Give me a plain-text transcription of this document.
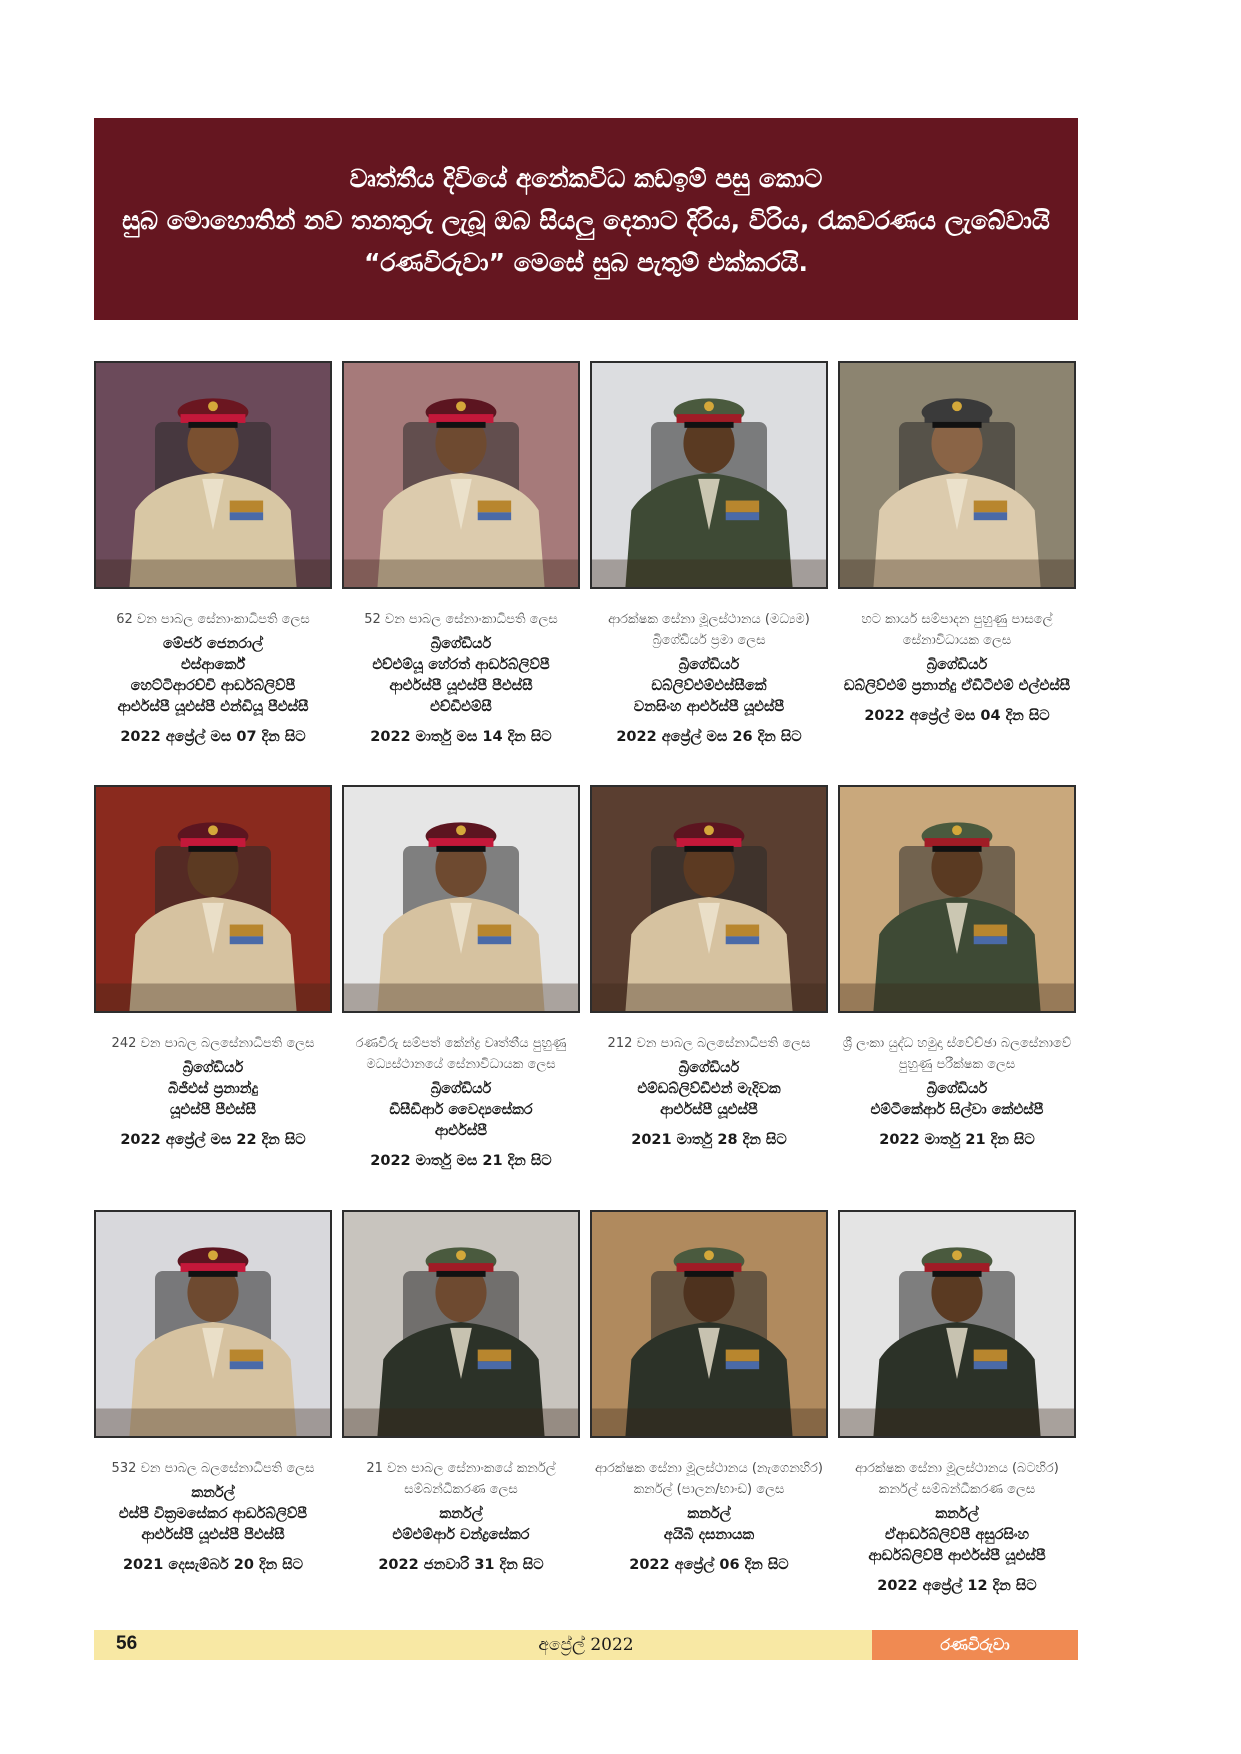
වෘත්තීය දිවියේ අනේකවිධ කඩඉම් පසු කොට
සුබ මොහොතින් නව තනතුරු ලැබූ ඔබ සියලු දෙනාට දිරිය, විරිය, රැකවරණය ලැබේවායි
“රණවිරුවා” මෙසේ සුබ පැතුම් එක්කරයි.
62 වන පාබල සේනාංකාධිපති ලෙස
මේජර් ජෙනරාල්
එස්ආර්කේ
හෙට්ටිආරච්චි ආර්ඩබ්ලිව්පී
ආර්එස්පී යූඑස්පී එන්ඩියූ පීඑස්සී
2022 අප්‍රේල් මස 07 දින සිට
52 වන පාබල සේනාංකාධිපති ලෙස
බ්‍රිගේඩියර්
එච්එම්යූ හේරත් ආර්ඩබ්ලිව්පී
ආර්එස්පී යූඑස්පී පීඑස්සී
එච්ඩීඑම්සී
2022 මාර්තු මස 14 දින සිට
ආරක්ෂක සේනා මූලස්ථානය (මධ්‍යම) බ්‍රිගේඩියර් ප්‍රමා ලෙස
බ්‍රිගේඩියර්
ඩබ්ලිව්එම්එස්සීකේ
වනසිංහ ආර්එස්පී යූඑස්පී
2022 අප්‍රේල් මස 26 දින සිට
හට කාර්ය සම්පාදන පුහුණු පාසලේ සේනාවිධායක ලෙස
බ්‍රිගේඩියර්
ඩබ්ලිව්එම් ප්‍රනාන්දු ඒඩීටීඑම් එල්එස්සී
2022 අප්‍රේල් මස 04 දින සිට
242 වන පාබල බලසේනාධිපති ලෙස
බ්‍රිගේඩියර්
බීජීඑස් ප්‍රනාන්දු
යූඑස්පී පීඑස්සී
2022 අප්‍රේල් මස 22 දින සිට
රණවිරු සම්පත් කේන්ද්‍ර වෘත්තීය පුහුණු මධ්‍යස්ථානයේ සේනාවිධායක ලෙස
බ්‍රිගේඩියර්
ඩීසීඩීආර් වෛද්‍යසේකර
ආර්එස්පී
2022 මාර්තු මස 21 දින සිට
212 වන පාබල බලසේනාධිපති ලෙස
බ්‍රිගේඩියර්
එම්ඩබ්ලිව්ඩීඑන් මැදිවක
ආර්එස්පී යූඑස්පී
2021 මාර්තු 28 දින සිට
ශ්‍රී ලංකා යුද්ධ හමුදා ස්වේච්ඡා බලසේනාවේ පුහුණු පරීක්ෂක ලෙස
බ්‍රිගේඩියර්
එම්ටීකේආර් සිල්වා කේඑස්පී
2022 මාර්තු 21 දින සිට
532 වන පාබල බලසේනාධිපති ලෙස
කර්නල්
එස්පී වික්‍රමසේකර ආර්ඩබ්ලිව්පී
ආර්එස්පී යූඑස්පී පීඑස්සී
2021 දෙසැම්බර් 20 දින සිට
21 වන පාබල සේනාංකයේ කර්නල් සම්බන්ධීකරණ ලෙස
කර්නල්
එම්එම්ආර් චන්ද්‍රසේකර
2022 ජනවාරි 31 දින සිට
ආරක්ෂක සේනා මූලස්ථානය (නැගෙනහිර) කර්නල් (පාලන/භාංඩ) ලෙස
කර්නල්
අයිබී දසනායක
2022 අප්‍රේල් 06 දින සිට
ආරක්ෂක සේනා මූලස්ථානය (බටහිර) කර්නල් සම්බන්ධීකරණ ලෙස
කර්නල්
ඒආර්ඩබ්ලිව්පී අසුරසිංහ
ආර්ඩබ්ලිව්පී ආර්එස්පී යූඑස්පී
2022 අප්‍රේල් 12 දින සිට
56	අප්‍රේල් 2022	රණවිරුවා
